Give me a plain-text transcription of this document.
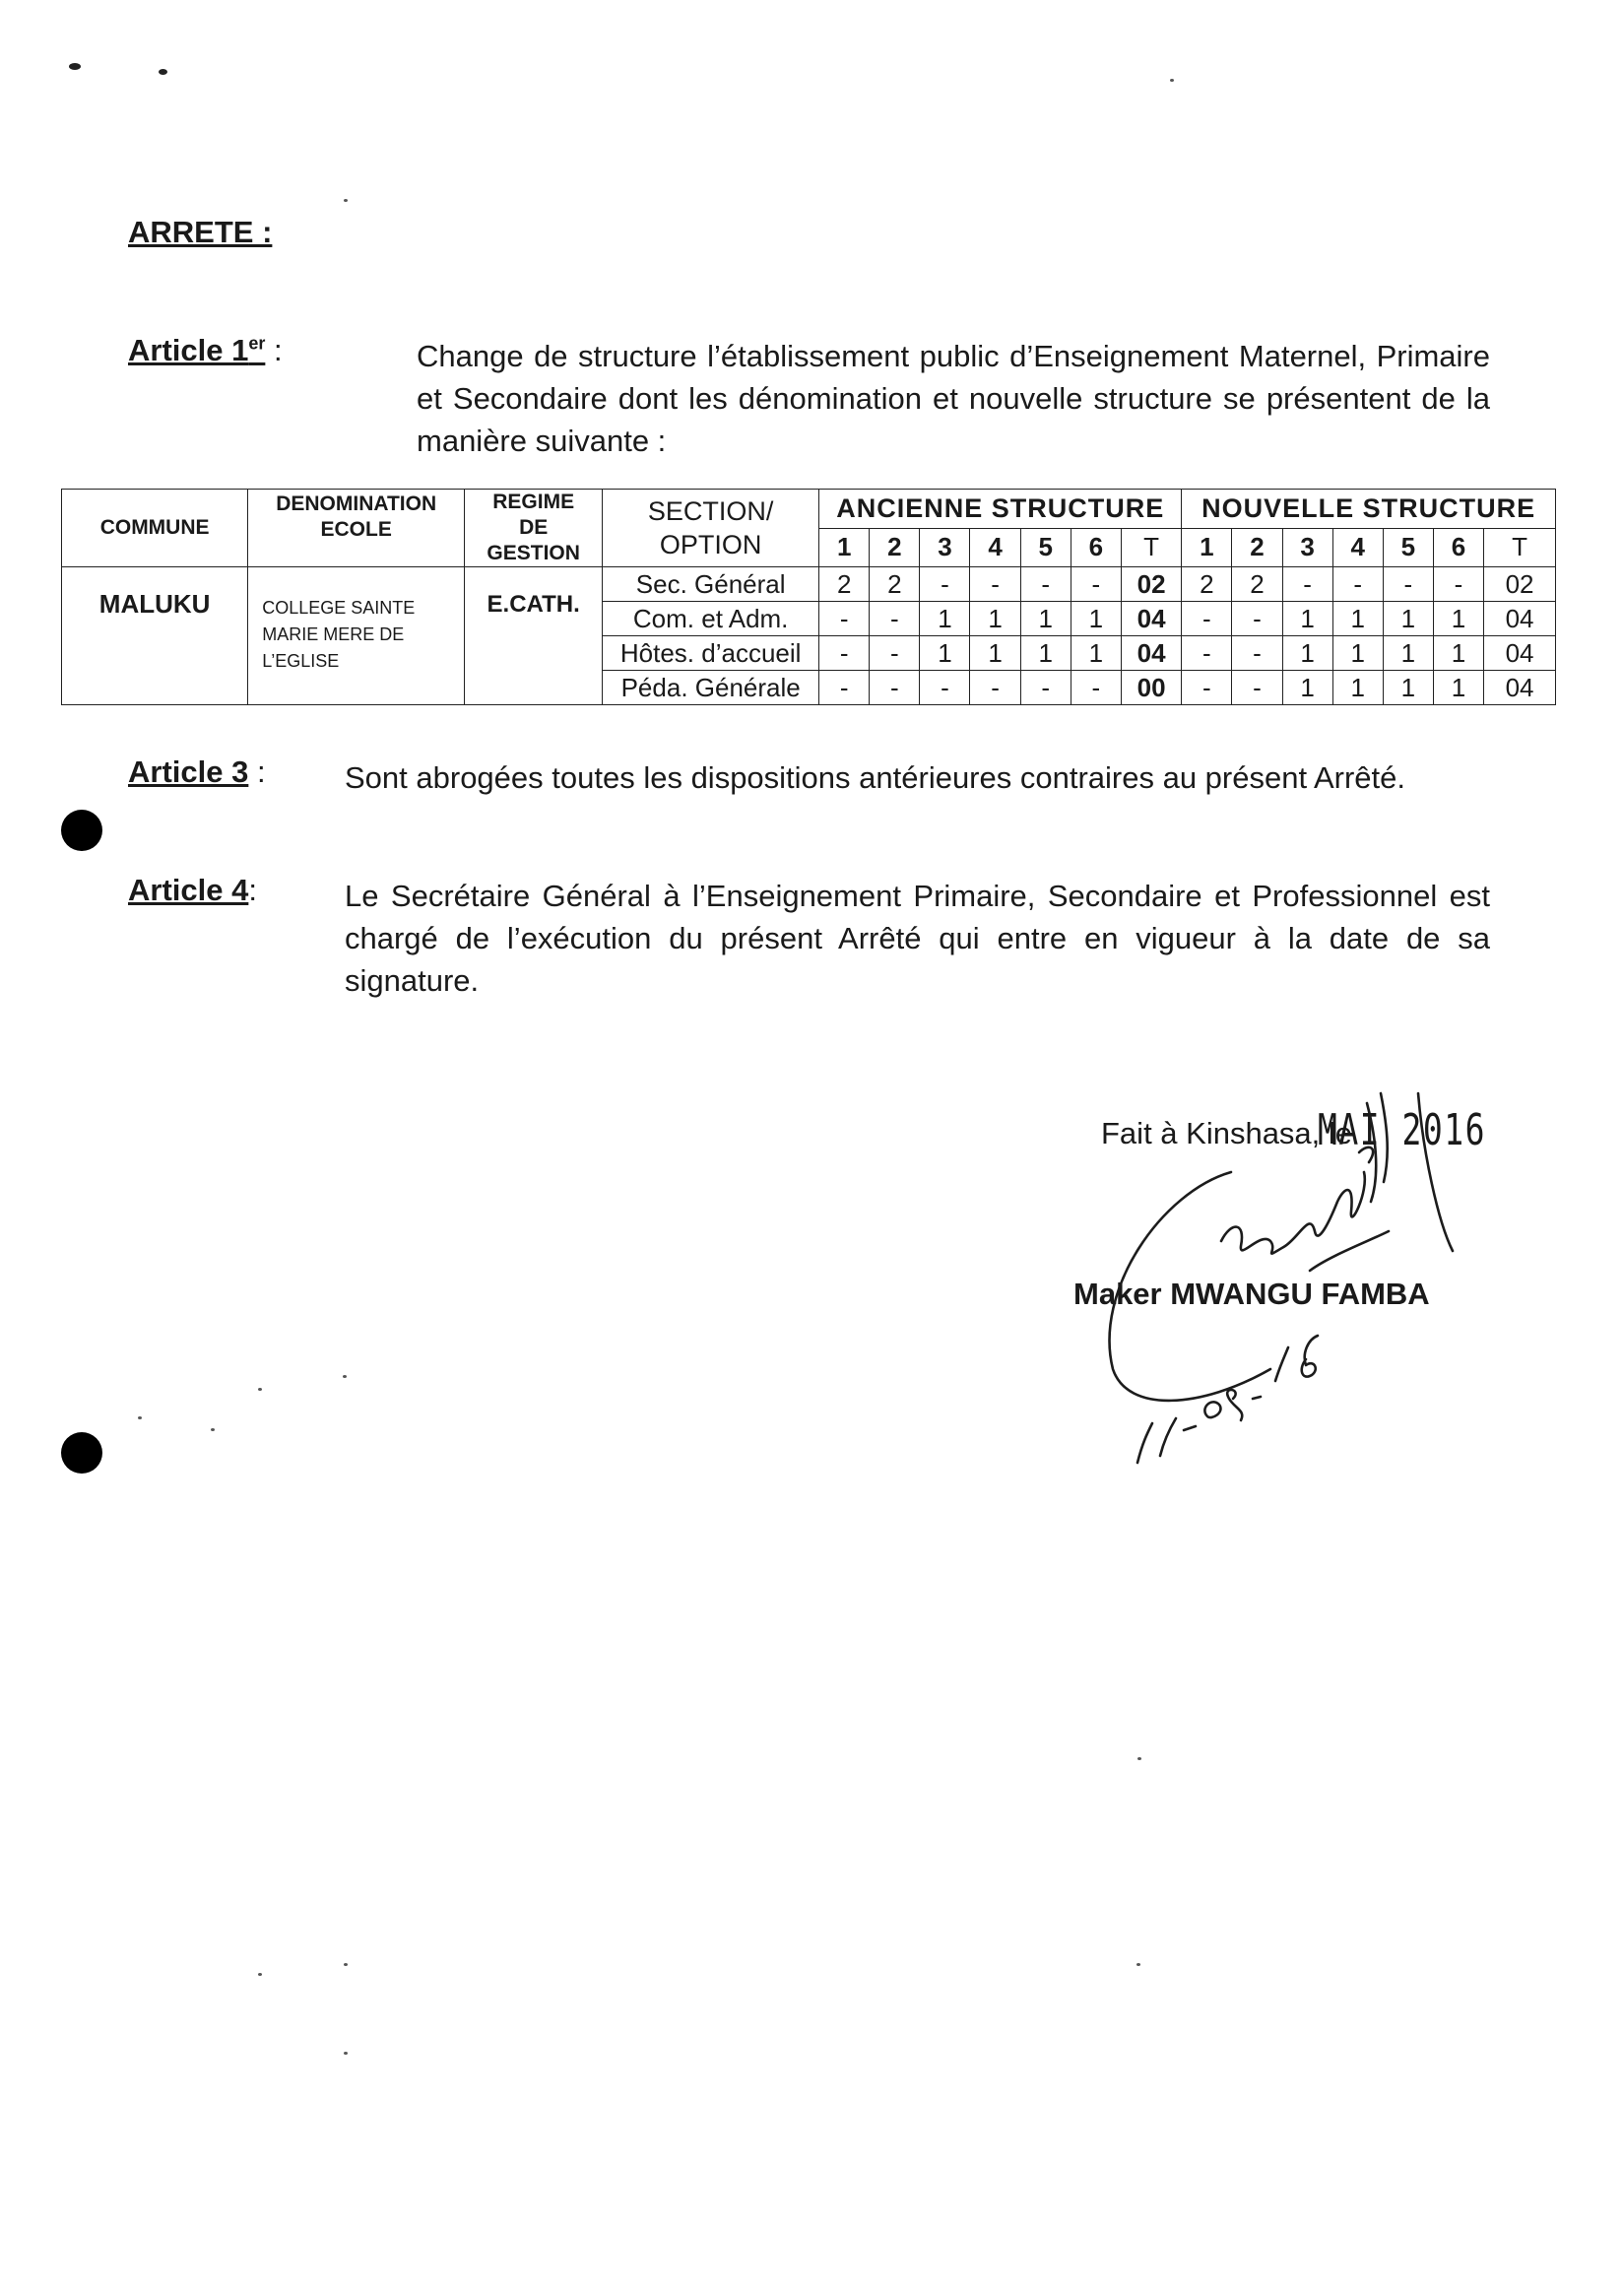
ARRETE :
Article 1er :	Change de structure l’établissement public d’Enseignement Maternel, Primaire et Secondaire dont les dénomination et nouvelle structure se présentent de la manière suivante :
COMMUNE	DENOMINATION ECOLE	REGIME DE GESTION	SECTION/ OPTION	ANCIENNE STRUCTURE							NOUVELLE STRUCTURE						
				1	2	3	4	5	6	T	1	2	3	4	5	6	T
MALUKU	COLLEGE SAINTE MARIE MERE DE L’EGLISE	E.CATH.	Sec. Général	2	2	-	-	-	-	02	2	2	-	-	-	-	02
			Com. et Adm.	-	-	1	1	1	1	04	-	-	1	1	1	1	04
			Hôtes. d’accueil	-	-	1	1	1	1	04	-	-	1	1	1	1	04
			Péda. Générale	-	-	-	-	-	-	00	-	-	1	1	1	1	04
Article 3 :	Sont abrogées toutes les dispositions antérieures contraires au présent Arrêté.
Article 4:	Le Secrétaire Général à l’Enseignement Primaire, Secondaire et Professionnel est chargé de l’exécution du présent Arrêté qui entre en vigueur à la date de sa signature.
Fait à Kinshasa, le
MAI 2016
Maker MWANGU FAMBA
